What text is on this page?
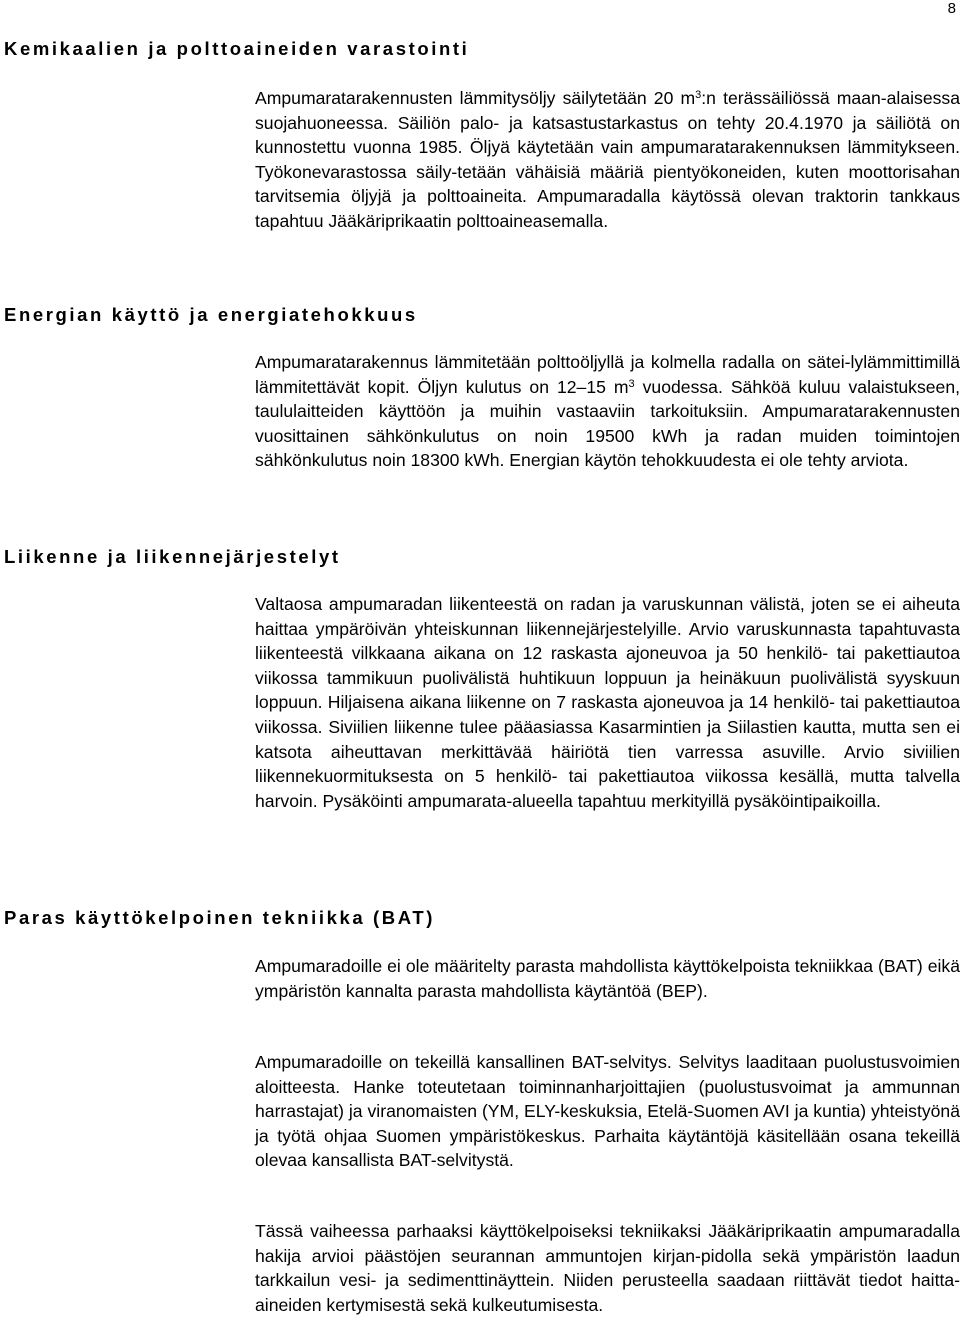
8
Kemikaalien ja polttoaineiden varastointi

Ampumaratarakennusten lämmitysöljy säilytetään 20 $m^3:n$ terässäiliössä maan-alaisessa suojahuoneessa. Säiliön palo- ja katsastustarkastus on tehty 20.4.1970 ja säiliötä on kunnostettu vuonna 1985. Öljyä käytetään vain ampumaratarakennuksen lämmitykseen. Työkonevarastossa säily-tetään vähäisiä määriä pientyökoneiden, kuten moottorisahan tarvitsemia öljyjä ja polttoaineita. Ampumaradalla käytössä olevan traktorin tankkaus tapahtuu Jääkäriprikaatin polttoaineasemalla.

Energian käyttö ja energiatehokkuus

Ampumaratarakennus lämmitetään polttoöljyllä ja kolmella radalla on sätei-lylämmittimillä lämmitettävät kopit. Öljyn kulutus on 12–15 $m^3$ vuodessa. Sähköä kuluu valaistukseen, taululaitteiden käyttöön ja muihin vastaaviin tarkoituksiin. Ampumaratarakennusten vuosittainen sähkönkulutus on noin 19500 kWh ja radan muiden toimintojen sähkönkulutus noin 18300 kWh. Energian käytön tehokkuudesta ei ole tehty arviota.

Liikenne ja liikennejärjestelyt

Valtaosa ampumaradan liikenteestä on radan ja varuskunnan välistä, joten se ei aiheuta haittaa ympäröivän yhteiskunnan liikennejärjestelyille. Arvio varuskunnasta tapahtuvasta liikenteestä vilkkaana aikana on 12 raskasta ajoneuvoa ja 50 henkilö- tai pakettiautoa viikossa tammikuun puolivälistä huhtikuun loppuun ja heinäkuun puolivälistä syyskuun loppuun. Hiljaisena aikana liikenne on 7 raskasta ajoneuvoa ja 14 henkilö- tai pakettiautoa viikossa. Siviilien liikenne tulee pääasiassa Kasarmintien ja Siilastien kautta, mutta sen ei katsota aiheuttavan merkittävää häiriötä tien varressa asuville. Arvio siviilien liikennekuormituksesta on 5 henkilö- tai pakettiautoa viikossa kesällä, mutta talvella harvoin. Pysäköinti ampumarata-alueella tapahtuu merkityillä pysäköintipaikoilla.

Paras käyttökelpoinen tekniikka (BAT)

Ampumaradoille ei ole määritelty parasta mahdollista käyttökelpoista tekniikkaa (BAT) eikä ympäristön kannalta parasta mahdollista käytäntöä (BEP).

Ampumaradoille on tekeillä kansallinen BAT-selvitys. Selvitys laaditaan puolustusvoimien aloitteesta. Hanke toteutetaan toiminnanharjoittajien (puolustusvoimat ja ammunnan harrastajat) ja viranomaisten (YM, ELY-keskuksia, Etelä-Suomen AVI ja kuntia) yhteistyönä ja työtä ohjaa Suomen ympäristökeskus. Parhaita käytäntöjä käsitellään osana tekeillä olevaa kansallista BAT-selvitystä.

Tässä vaiheessa parhaaksi käyttökelpoiseksi tekniikaksi Jääkäriprikaatin ampumaradalla hakija arvioi päästöjen seurannan ammuntojen kirjan-pidolla sekä ympäristön laadun tarkkailun vesi- ja sedimenttinäyttein. Niiden perusteella saadaan riittävät tiedot haitta-aineiden kertymisestä sekä kulkeutumisesta.
